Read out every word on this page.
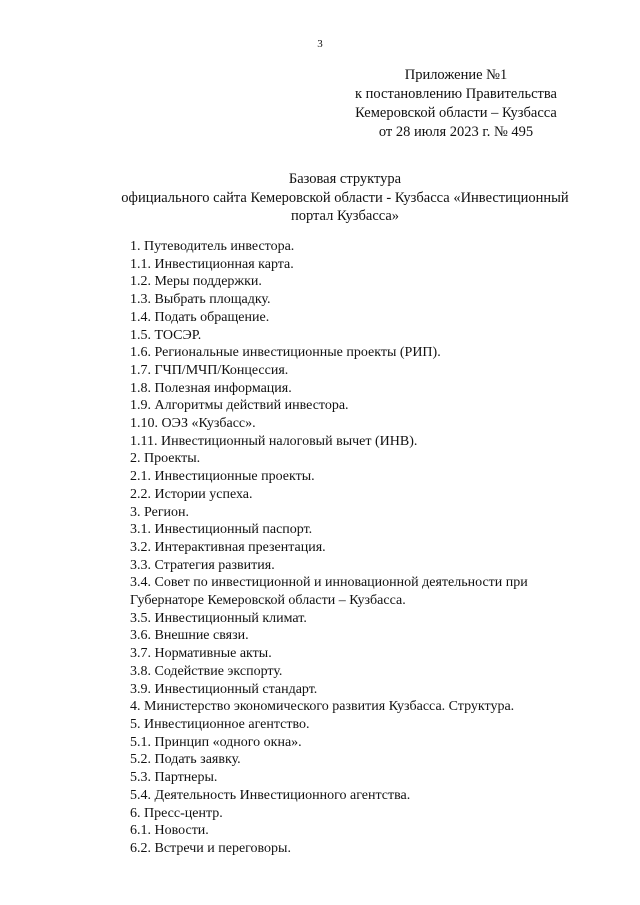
3
Приложение №1
к постановлению Правительства
Кемеровской области – Кузбасса
от 28 июля 2023 г. № 495
Базовая структура
официального сайта Кемеровской области - Кузбасса «Инвестиционный
портал Кузбасса»
1. Путеводитель инвестора.
1.1. Инвестиционная карта.
1.2. Меры поддержки.
1.3. Выбрать площадку.
1.4. Подать обращение.
1.5. ТОСЭР.
1.6. Региональные инвестиционные проекты (РИП).
1.7. ГЧП/МЧП/Концессия.
1.8. Полезная информация.
1.9. Алгоритмы действий инвестора.
1.10. ОЭЗ «Кузбасс».
1.11. Инвестиционный налоговый вычет (ИНВ).
2. Проекты.
2.1. Инвестиционные проекты.
2.2. Истории успеха.
3. Регион.
3.1. Инвестиционный паспорт.
3.2. Интерактивная презентация.
3.3. Стратегия развития.
3.4. Совет по инвестиционной и инновационной деятельности при
Губернаторе Кемеровской области – Кузбасса.
3.5. Инвестиционный климат.
3.6. Внешние связи.
3.7. Нормативные акты.
3.8. Содействие экспорту.
3.9. Инвестиционный стандарт.
4. Министерство экономического развития Кузбасса. Структура.
5. Инвестиционное агентство.
5.1. Принцип «одного окна».
5.2. Подать заявку.
5.3. Партнеры.
5.4. Деятельность Инвестиционного агентства.
6. Пресс-центр.
6.1. Новости.
6.2. Встречи и переговоры.
